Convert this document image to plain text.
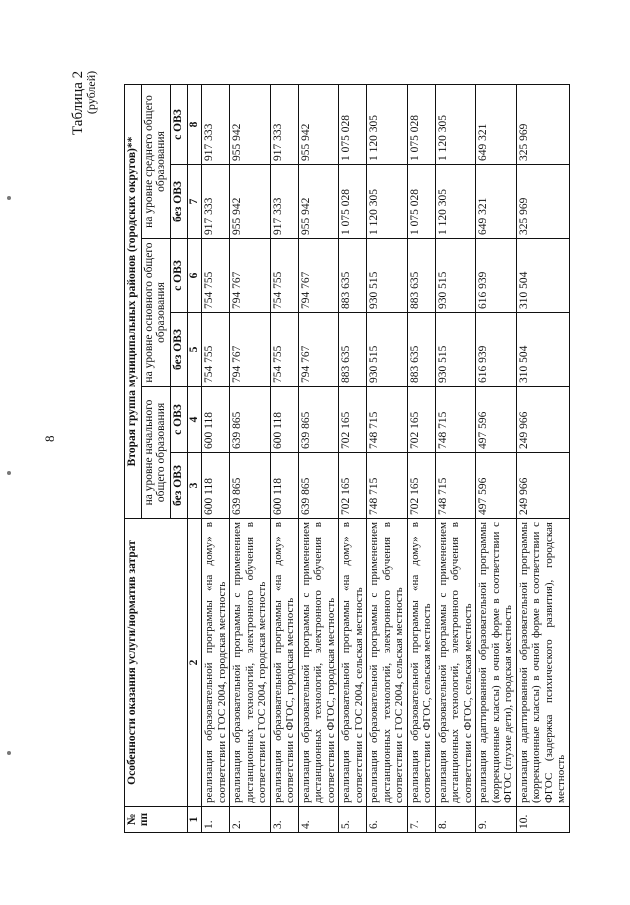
8
Таблица 2
(рублей)
№ пп	Особенности оказания услуги/норматив затрат	Вторая группа муниципальных районов (городских округов)**					
		на уровне начального общего образования		на уровне основного общего образования		на уровне среднего общего образования	
		без ОВЗ	с ОВЗ	без ОВЗ	с ОВЗ	без ОВЗ	с ОВЗ
1	2	3	4	5	6	7	8
1.	реализация образовательной программы «на дому» в соответствии с ГОС 2004, городская местность	600 118	600 118	754 755	754 755	917 333	917 333
2.	реализация образовательной программы с применением дистанционных технологий, электронного обучения в соответствии с ГОС 2004, городская местность	639 865	639 865	794 767	794 767	955 942	955 942
3.	реализация образовательной программы «на дому» в соответствии с ФГОС, городская местность	600 118	600 118	754 755	754 755	917 333	917 333
4.	реализация образовательной программы с применением дистанционных технологий, электронного обучения в соответствии с ФГОС, городская местность	639 865	639 865	794 767	794 767	955 942	955 942
5.	реализация образовательной программы «на дому» в соответствии с ГОС 2004, сельская местность	702 165	702 165	883 635	883 635	1 075 028	1 075 028
6.	реализация образовательной программы с применением дистанционных технологий, электронного обучения в соответствии с ГОС 2004, сельская местность	748 715	748 715	930 515	930 515	1 120 305	1 120 305
7.	реализация образовательной программы «на дому» в соответствии с ФГОС, сельская местность	702 165	702 165	883 635	883 635	1 075 028	1 075 028
8.	реализация образовательной программы с применением дистанционных технологий, электронного обучения в соответствии с ФГОС, сельская местность	748 715	748 715	930 515	930 515	1 120 305	1 120 305
9.	реализация адаптированной образовательной программы (коррекционные классы) в очной форме в соответствии с ФГОС (глухие дети), городская местность	497 596	497 596	616 939	616 939	649 321	649 321
10.	реализация адаптированной образовательной программы (коррекционные классы) в очной форме в соответствии с ФГОС (задержка психического развития), городская местность	249 966	249 966	310 504	310 504	325 969	325 969
